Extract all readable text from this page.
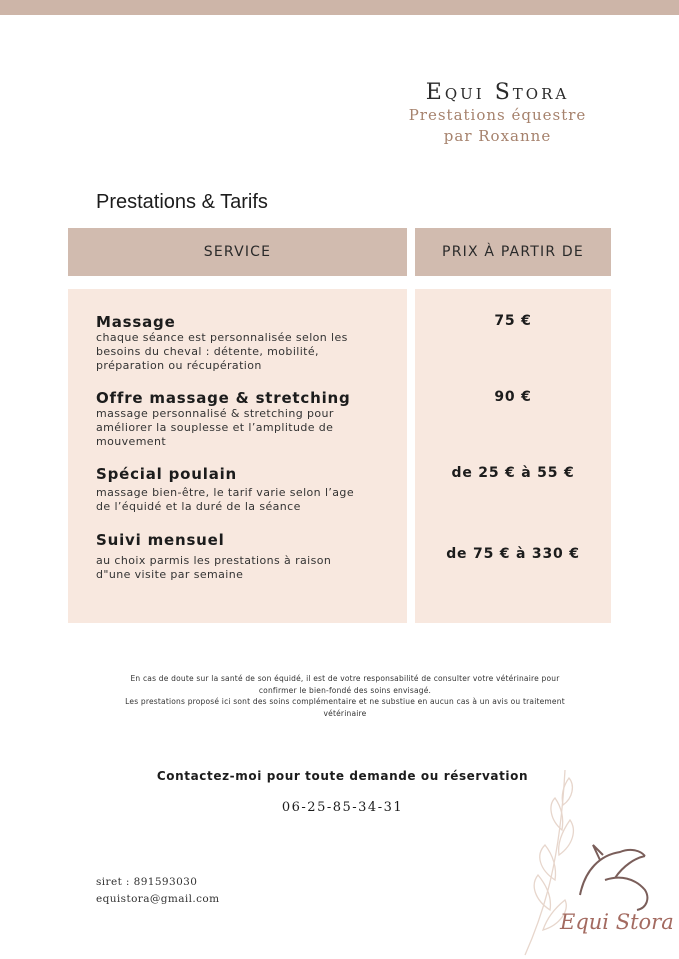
Equi Stora
Prestations équestre
par Roxanne
Prestations & Tarifs
SERVICE	PRIX À PARTIR DE
Massage
chaque séance est personnalisée selon les
besoins du cheval : détente, mobilité,
préparation ou récupération
75 €
Offre massage & stretching
massage personnalisé & stretching pour
améliorer la souplesse et l’amplitude de
mouvement
90 €
Spécial poulain
massage bien-être, le tarif varie selon l’age
de l’équidé et la duré de la séance
de 25 € à 55 €
Suivi mensuel
au choix parmis les prestations à raison
d"une visite par semaine
de 75 € à 330 €
En cas de doute sur la santé de son équidé, il est de votre responsabilité de consulter votre vétérinaire pour
confirmer le bien-fondé des soins envisagé.
Les prestations proposé ici sont des soins complémentaire et ne substiue en aucun cas à un avis ou traitement
vétérinaire
Equi Stora
Contactez-moi pour toute demande ou réservation
06-25-85-34-31
siret : 891593030
equistora@gmail.com
